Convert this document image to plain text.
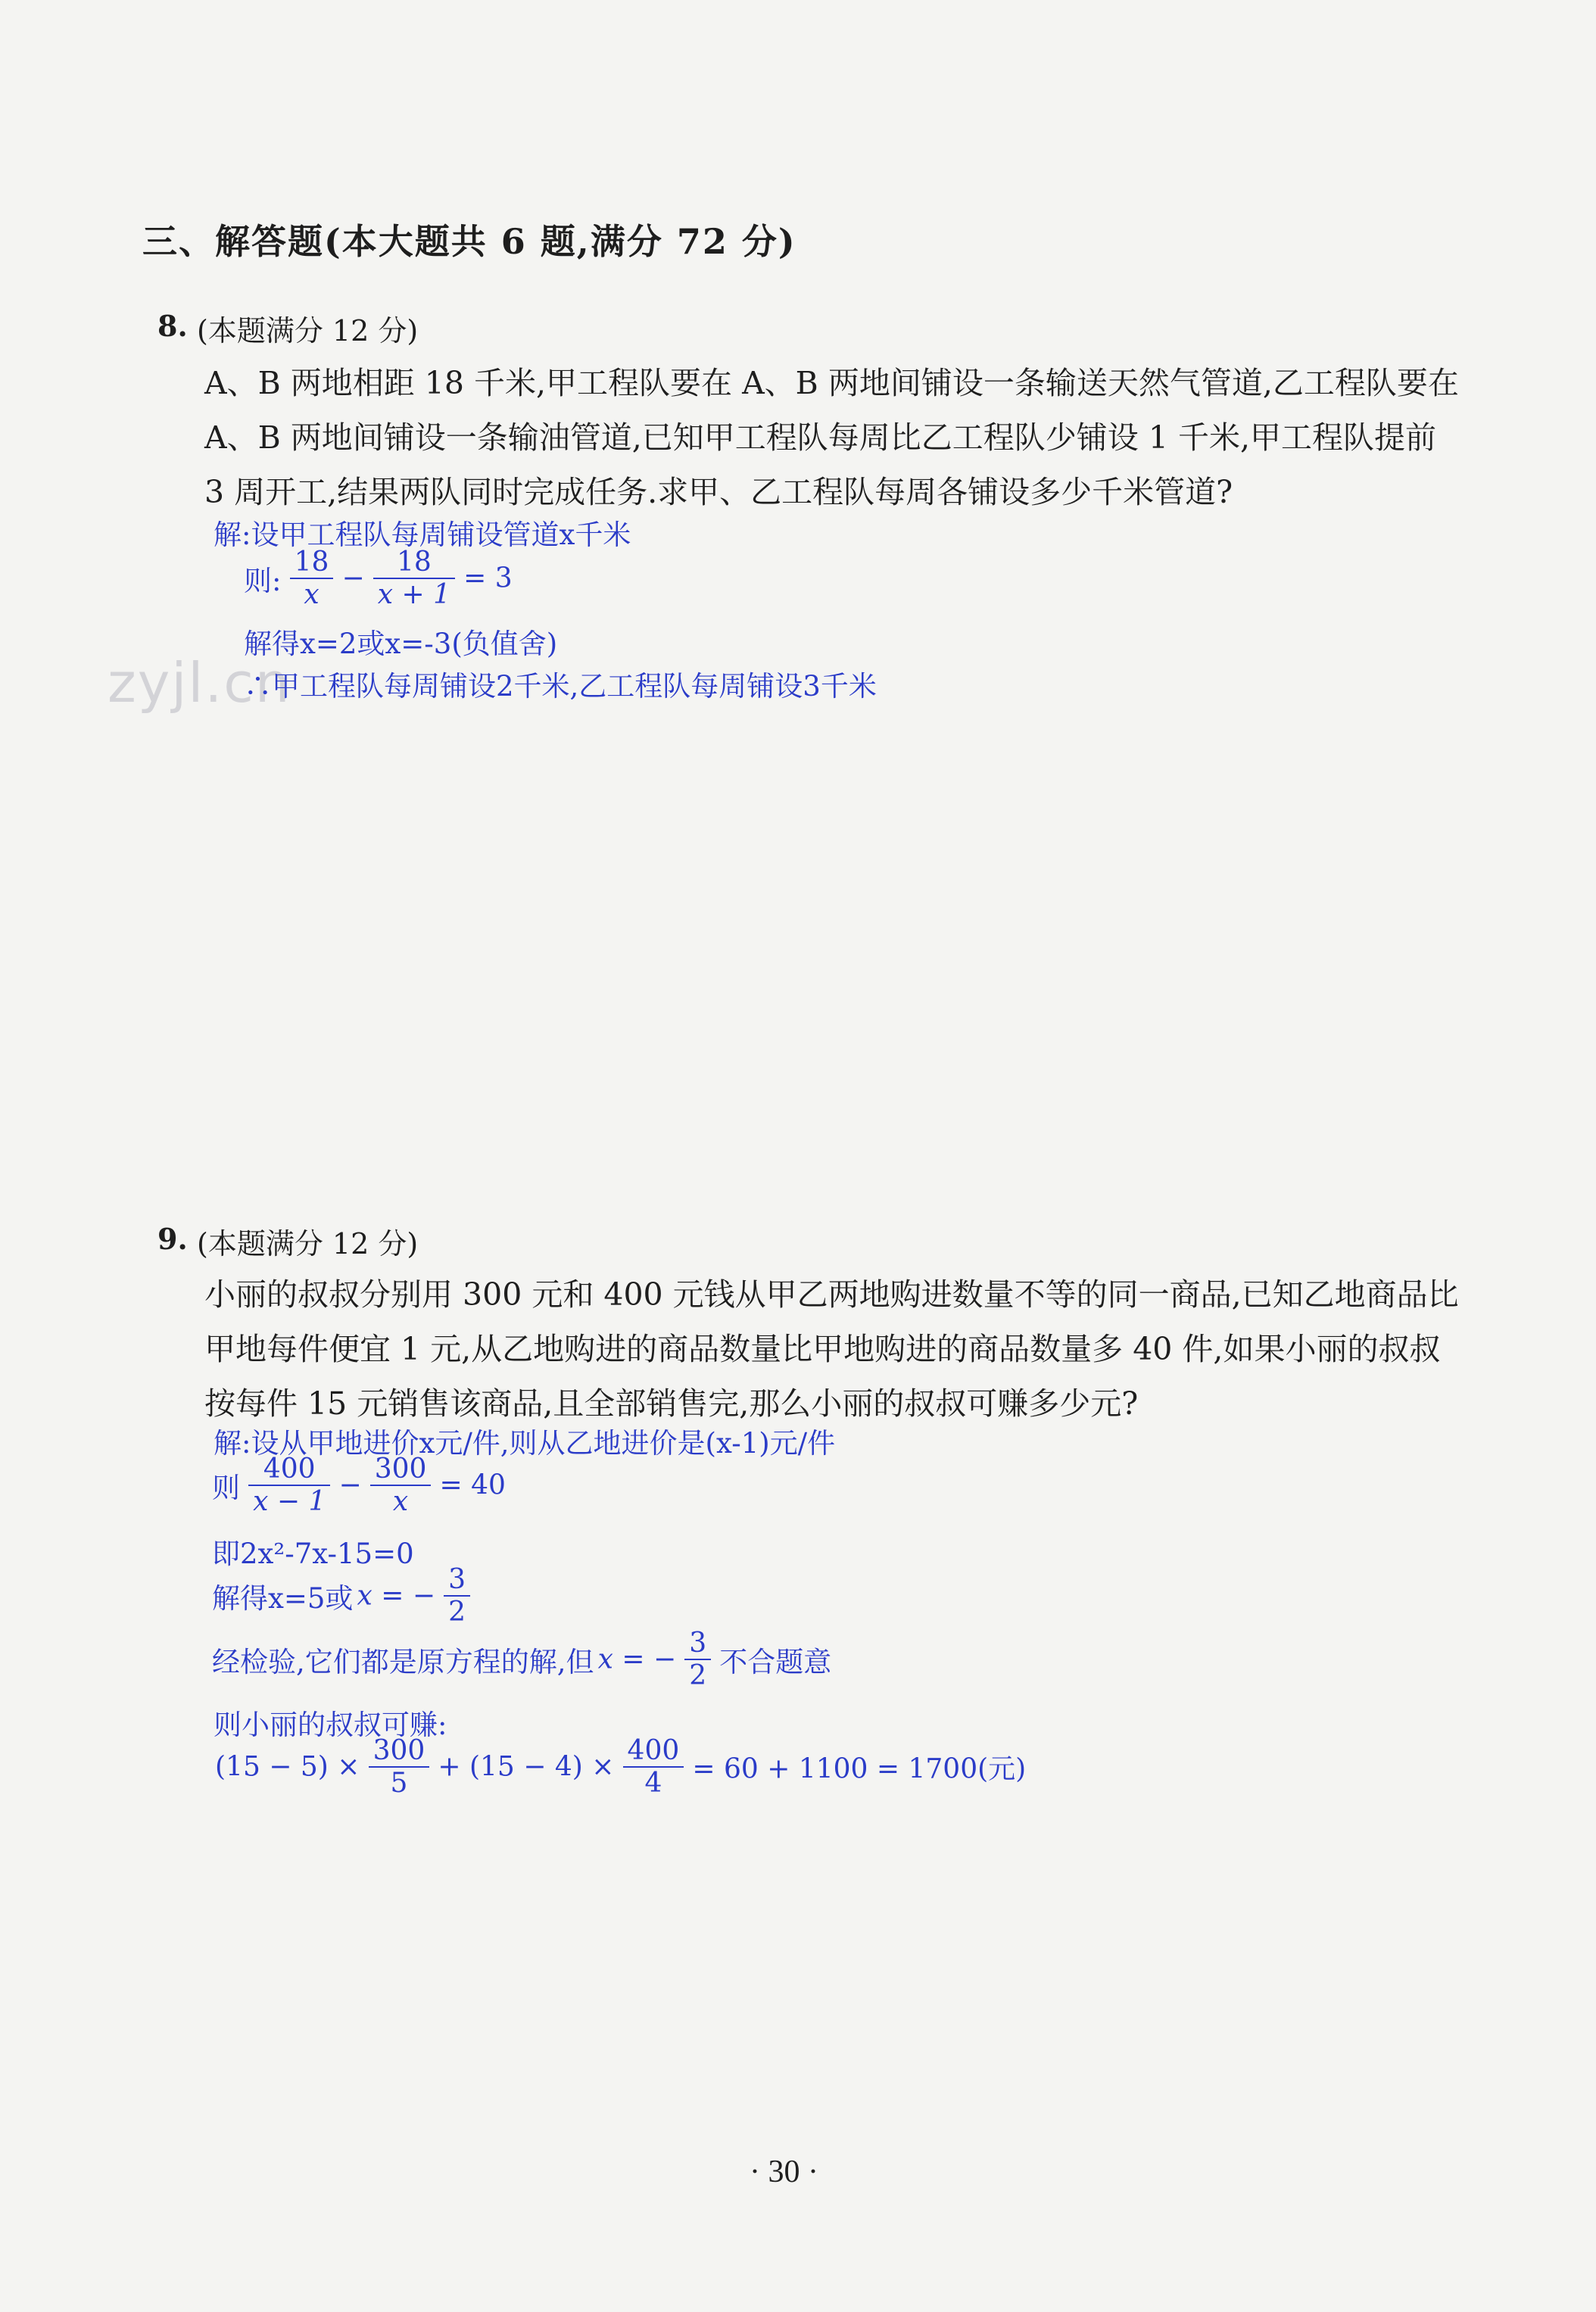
三、解答题(本大题共 6 题,满分 72 分)
8. (本题满分 12 分)
A、B 两地相距 18 千米,甲工程队要在 A、B 两地间铺设一条输送天然气管道,乙工程队要在 A、B 两地间铺设一条输油管道,已知甲工程队每周比乙工程队少铺设 1 千米,甲工程队提前 3 周开工,结果两队同时完成任务.求甲、乙工程队每周各铺设多少千米管道?
解:设甲工程队每周铺设管道x千米
则: $\frac{18}{x} - \frac{18}{x + 1} = 3$
解得x=2或x=-3(负值舍)
zyjl.cn
∴甲工程队每周铺设2千米,乙工程队每周铺设3千米
9. (本题满分 12 分)
小丽的叔叔分别用 300 元和 400 元钱从甲乙两地购进数量不等的同一商品,已知乙地商品比甲地每件便宜 1 元,从乙地购进的商品数量比甲地购进的商品数量多 40 件,如果小丽的叔叔按每件 15 元销售该商品,且全部销售完,那么小丽的叔叔可赚多少元?
解:设从甲地进价x元/件,则从乙地进价是(x-1)元/件
则 $\frac{400}{x - 1} - \frac{300}{x} = 40$
即2x²-7x-15=0
解得x=5或 x = − $\frac{3}{2}$
经检验,它们都是原方程的解,但 x = − $\frac{3}{2}$ 不合题意
则小丽的叔叔可赚:
$(15 - 5) \times \frac{300}{5} + (15 - 4) \times \frac{400}{4} = 60 + 1100 = 1700$(元)
· 30 ·
